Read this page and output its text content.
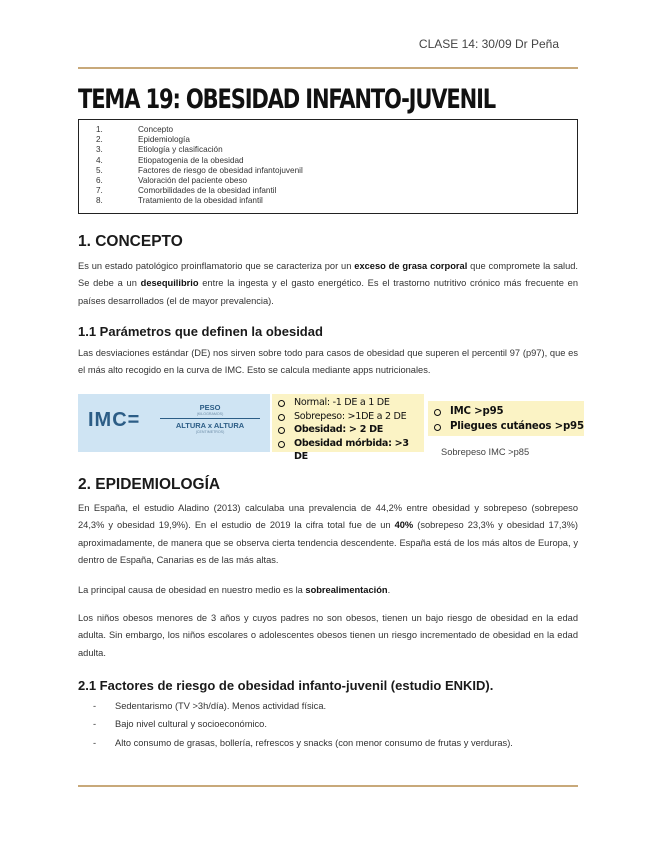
CLASE 14: 30/09 Dr Peña
TEMA 19: OBESIDAD INFANTO-JUVENIL
1.	Concepto
2.	Epidemiología
3.	Etiología y clasificación
4.	Etiopatogenia de la obesidad
5.	Factores de riesgo de obesidad infantojuvenil
6.	Valoración del paciente obeso
7.	Comorbilidades de la obesidad infantil
8.	Tratamiento de la obesidad infantil
1. CONCEPTO
Es un estado patológico proinflamatorio que se caracteriza por un exceso de grasa corporal que compromete la salud. Se debe a un desequilibrio entre la ingesta y el gasto energético. Es el trastorno nutritivo crónico más frecuente en países desarrollados (el de mayor prevalencia).
1.1 Parámetros que definen la obesidad
Las desviaciones estándar (DE) nos sirven sobre todo para casos de obesidad que superen el percentil 97 (p97), que es el más alto recogido en la curva de IMC. Esto se calcula mediante apps nutricionales.
IMC=
PESO
(KILOGRAMOS)
ALTURA x ALTURA
(CENTIMETROS)
Normal: -1 DE a 1 DE
Sobrepeso: >1DE a 2 DE
Obesidad: > 2 DE
Obesidad mórbida: >3 DE
IMC >p95
Pliegues cutáneos >p95
Sobrepeso IMC >p85
2. EPIDEMIOLOGÍA
En España, el estudio Aladino (2013) calculaba una prevalencia de 44,2% entre obesidad y sobrepeso (sobrepeso 24,3% y obesidad 19,9%). En el estudio de 2019 la cifra total fue de un 40% (sobrepeso 23,3% y obesidad 17,3%) aproximadamente, de manera que se observa cierta tendencia descendente. España está de los más altos de Europa, y dentro de España, Canarias es de las más altas.
La principal causa de obesidad en nuestro medio es la sobrealimentación.
Los niños obesos menores de 3 años y cuyos padres no son obesos, tienen un bajo riesgo de obesidad en la edad adulta. Sin embargo, los niños escolares o adolescentes obesos tienen un riesgo incrementado de obesidad en la edad adulta.
2.1 Factores de riesgo de obesidad infanto-juvenil (estudio ENKID).
-	Sedentarismo (TV >3h/día). Menos actividad física.
-	Bajo nivel cultural y socioeconómico.
-	Alto consumo de grasas, bollería, refrescos y snacks (con menor consumo de frutas y verduras).
